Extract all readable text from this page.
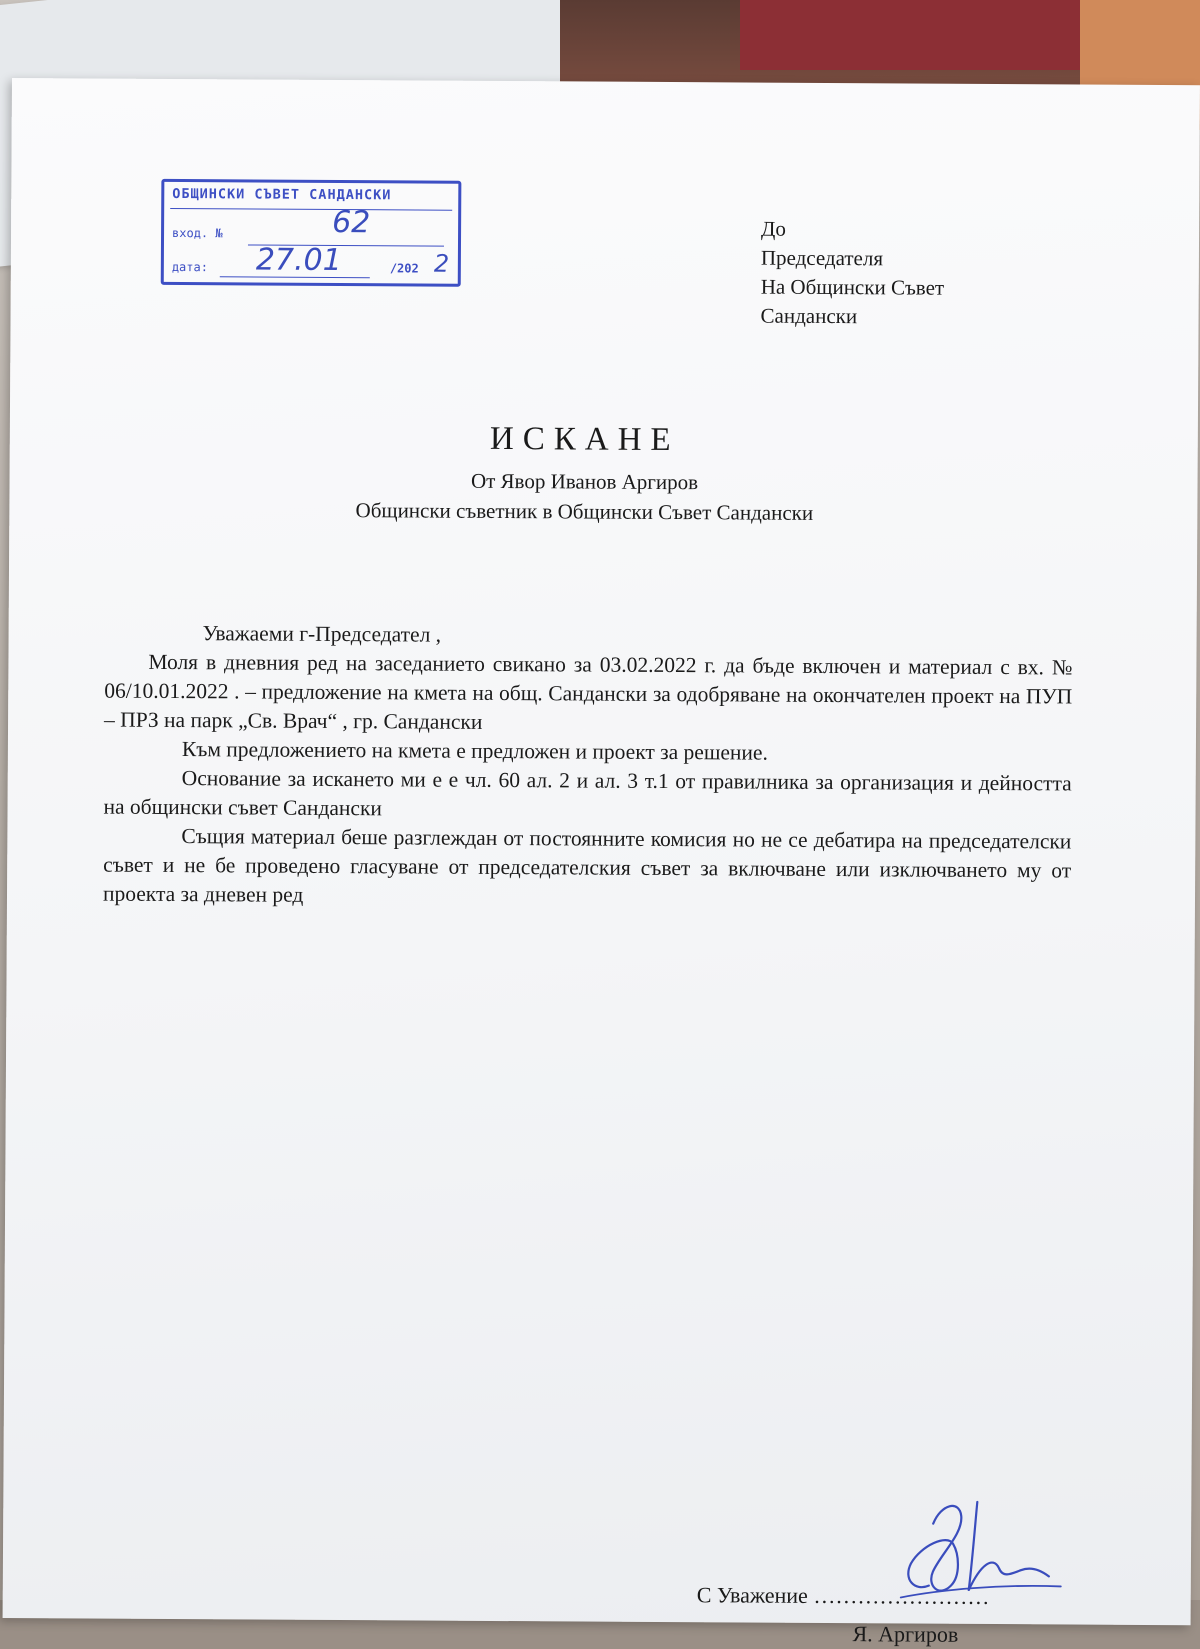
ОБЩИНСКИ СЪВЕТ САНДАНСКИ
вход. №	62
дата: 27.01	/202 2
До
Председателя
На Общински Съвет
Сандански
ИСКАНЕ
От Явор Иванов Аргиров
Общински съветник в Общински Съвет Сандански

Уважаеми г-Председател ,

Моля в дневния ред на заседанието свикано за 03.02.2022 г. да бъде включен и материал с вх. № 06/10.01.2022 . – предложение на кмета на общ. Сандански за одобряване на окончателен проект на ПУП – ПРЗ на парк „Св. Врач“ , гр. Сандански

Към предложението на кмета е предложен и проект за решение.

Основание за искането ми е е чл. 60 ал. 2 и ал. 3 т.1 от правилника за организация и дейността на общински съвет Сандански

Същия материал беше разглеждан от постоянните комисия но не се дебатира на председателски съвет и не бе проведено гласуване от председателския съвет за включване или изключването му от проекта за дневен ред

С Уважение ……………………
Я. Аргиров
